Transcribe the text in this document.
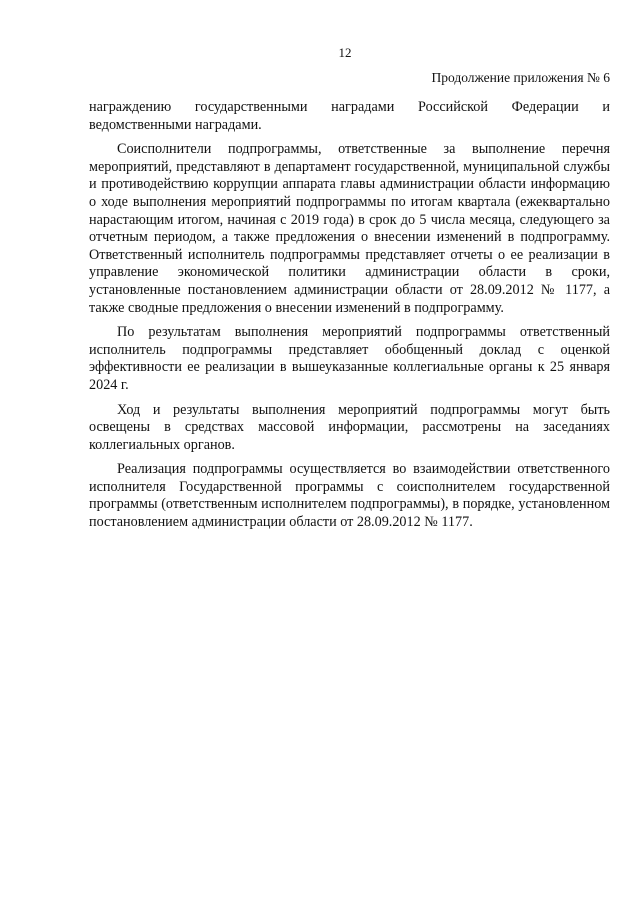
12
Продолжение приложения № 6

награждению государственными наградами Российской Федерации и ведомственными наградами.

Соисполнители подпрограммы, ответственные за выполнение перечня мероприятий, представляют в департамент государственной, муниципальной службы и противодействию коррупции аппарата главы администрации области информацию о ходе выполнения мероприятий подпрограммы по итогам квартала (ежеквартально нарастающим итогом, начиная с 2019 года) в срок до 5 числа месяца, следующего за отчетным периодом, а также предложения о внесении изменений в подпрограмму. Ответственный исполнитель подпрограммы представляет отчеты о ее реализации в управление экономической политики администрации области в сроки, установленные постановлением администрации области от 28.09.2012 № 1177, а также сводные предложения о внесении изменений в подпрограмму.

По результатам выполнения мероприятий подпрограммы ответственный исполнитель подпрограммы представляет обобщенный доклад с оценкой эффективности ее реализации в вышеуказанные коллегиальные органы к 25 января 2024 г.

Ход и результаты выполнения мероприятий подпрограммы могут быть освещены в средствах массовой информации, рассмотрены на заседаниях коллегиальных органов.

Реализация подпрограммы осуществляется во взаимодействии ответственного исполнителя Государственной программы с соисполнителем государственной программы (ответственным исполнителем подпрограммы), в порядке, установленном постановлением администрации области от 28.09.2012 № 1177.
